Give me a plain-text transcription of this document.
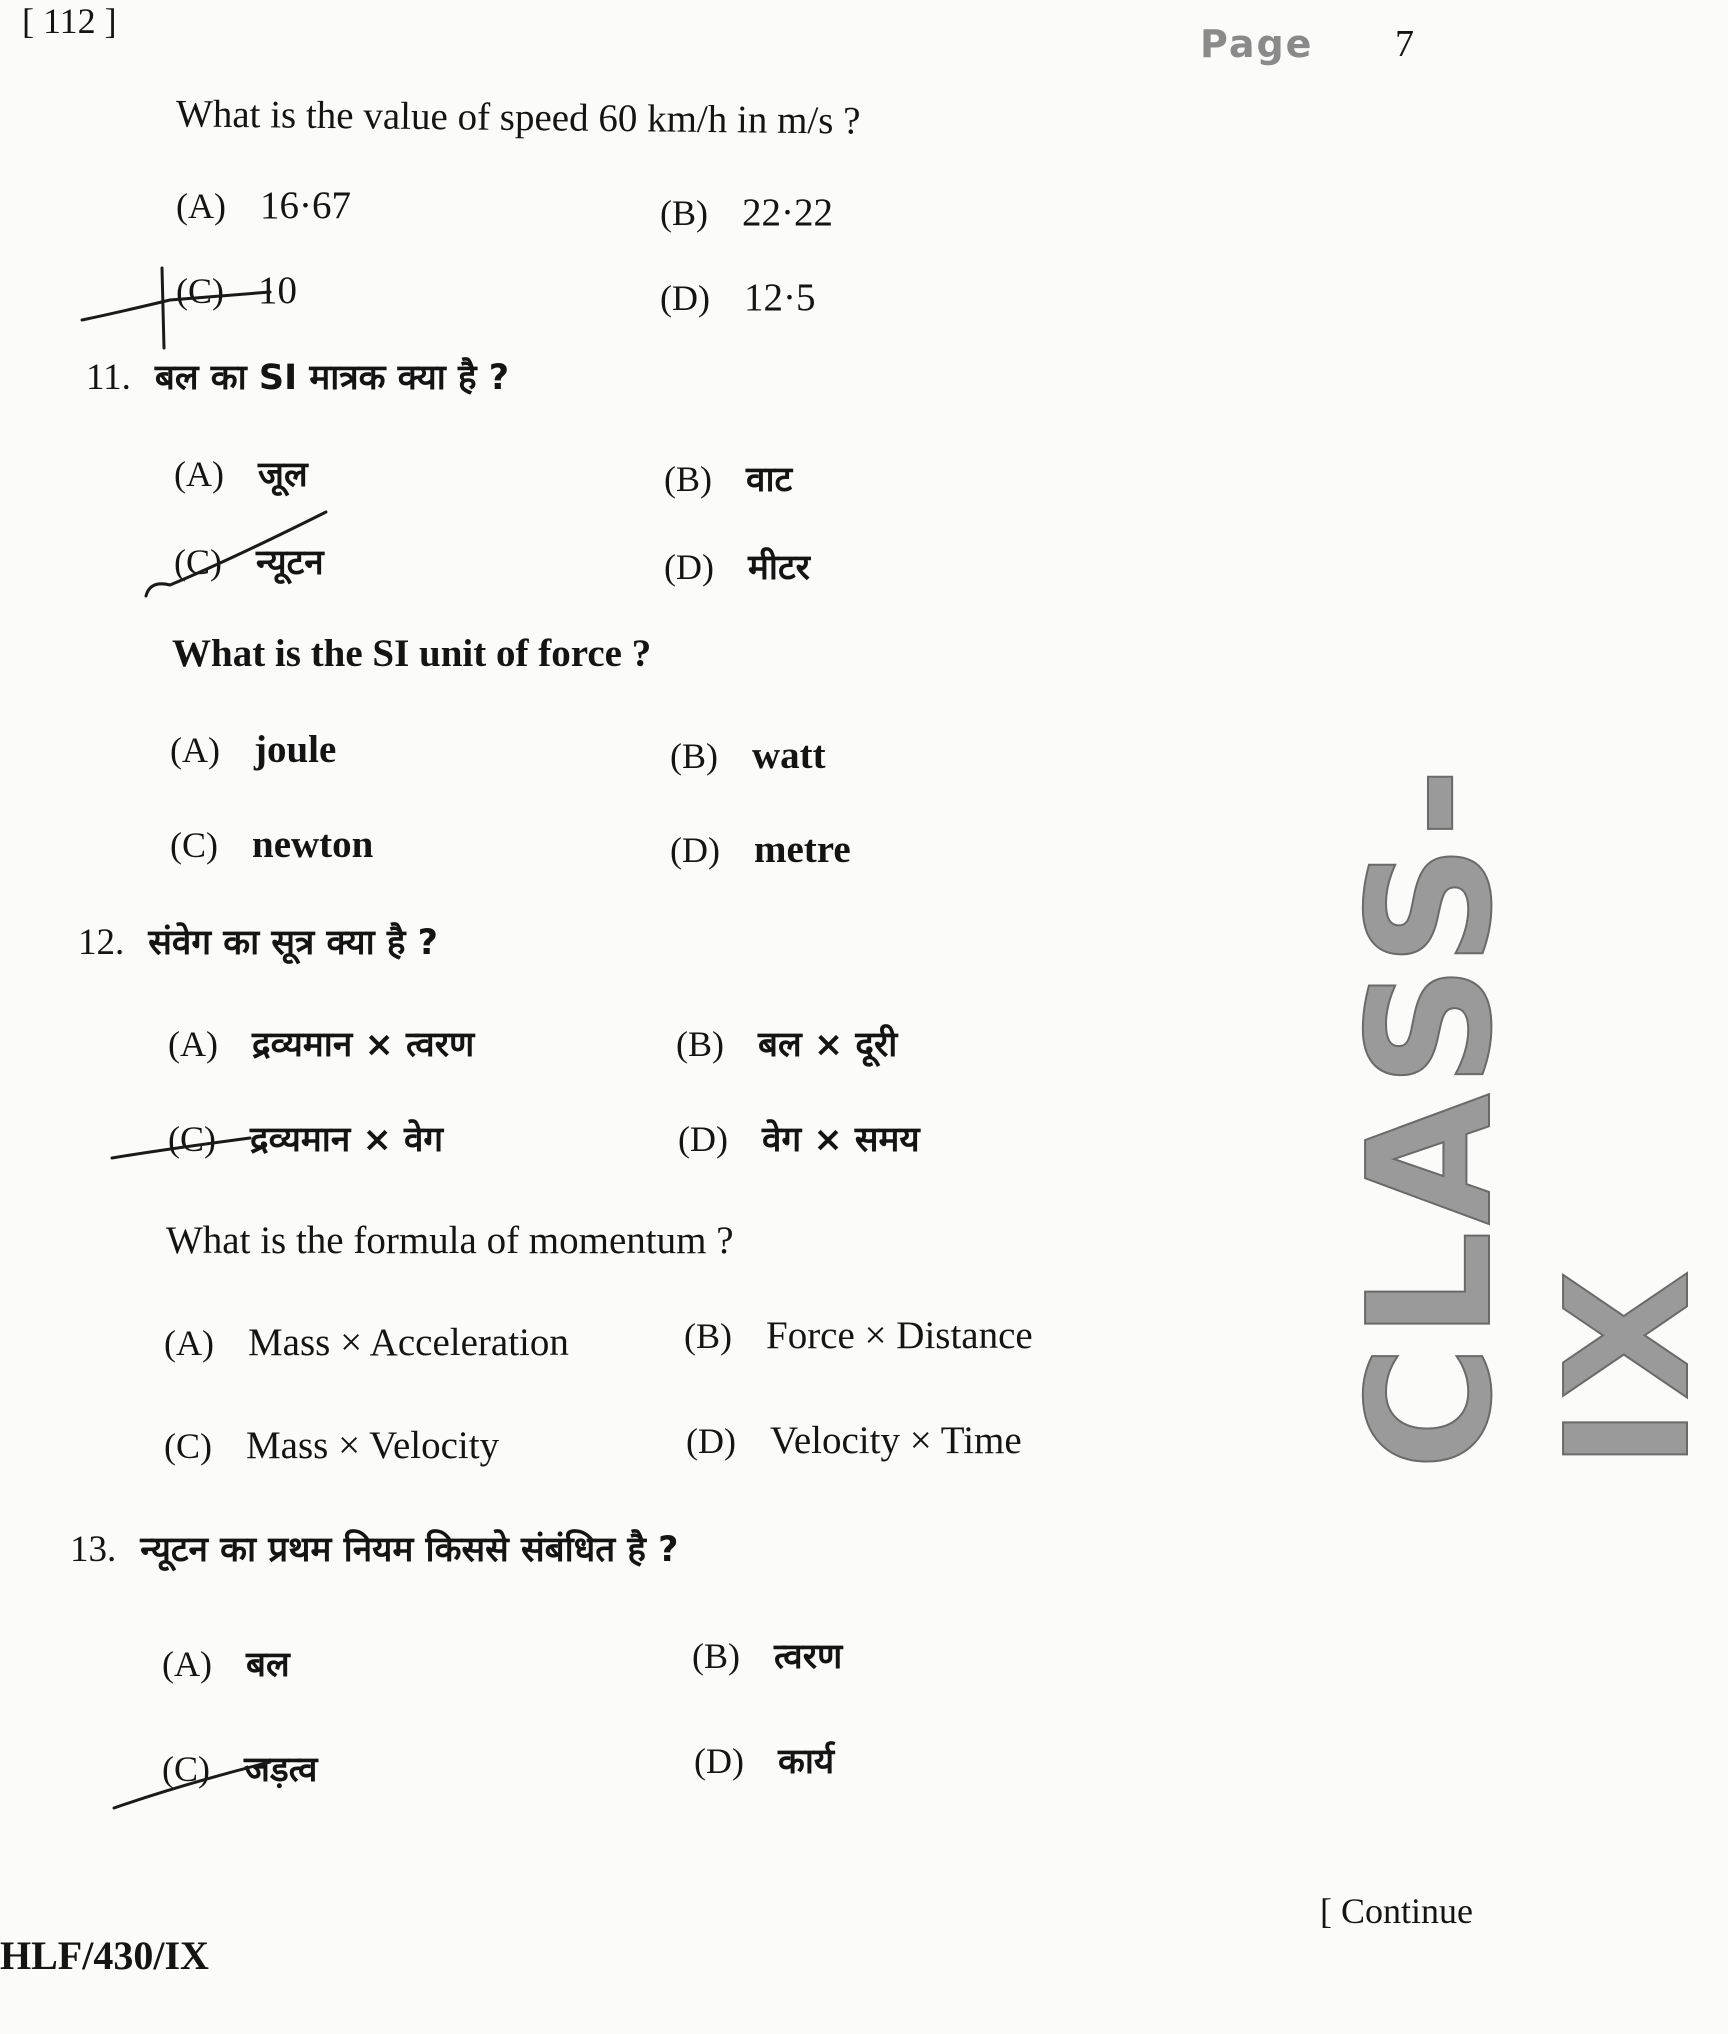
[ 112 ]
Page 7
CLASS-IX
What is the value of speed 60 km/h in m/s ?
(A) 16·67	(B) 22·22
(C) 10	(D) 12·5
11. बल का SI मात्रक क्या है ?
(A) जूल	(B) वाट
(C) न्यूटन	(D) मीटर
What is the SI unit of force ?
(A) joule	(B) watt
(C) newton	(D) metre
12. संवेग का सूत्र क्या है ?
(A) द्रव्यमान × त्वरण	(B) बल × दूरी
(C) द्रव्यमान × वेग	(D) वेग × समय
What is the formula of momentum ?
(A) Mass × Acceleration	(B) Force × Distance
(C) Mass × Velocity	(D) Velocity × Time
13. न्यूटन का प्रथम नियम किससे संबंधित है ?
(A) बल	(B) त्वरण
(C) जड़त्व	(D) कार्य
HLF/430/IX
[ Continue
